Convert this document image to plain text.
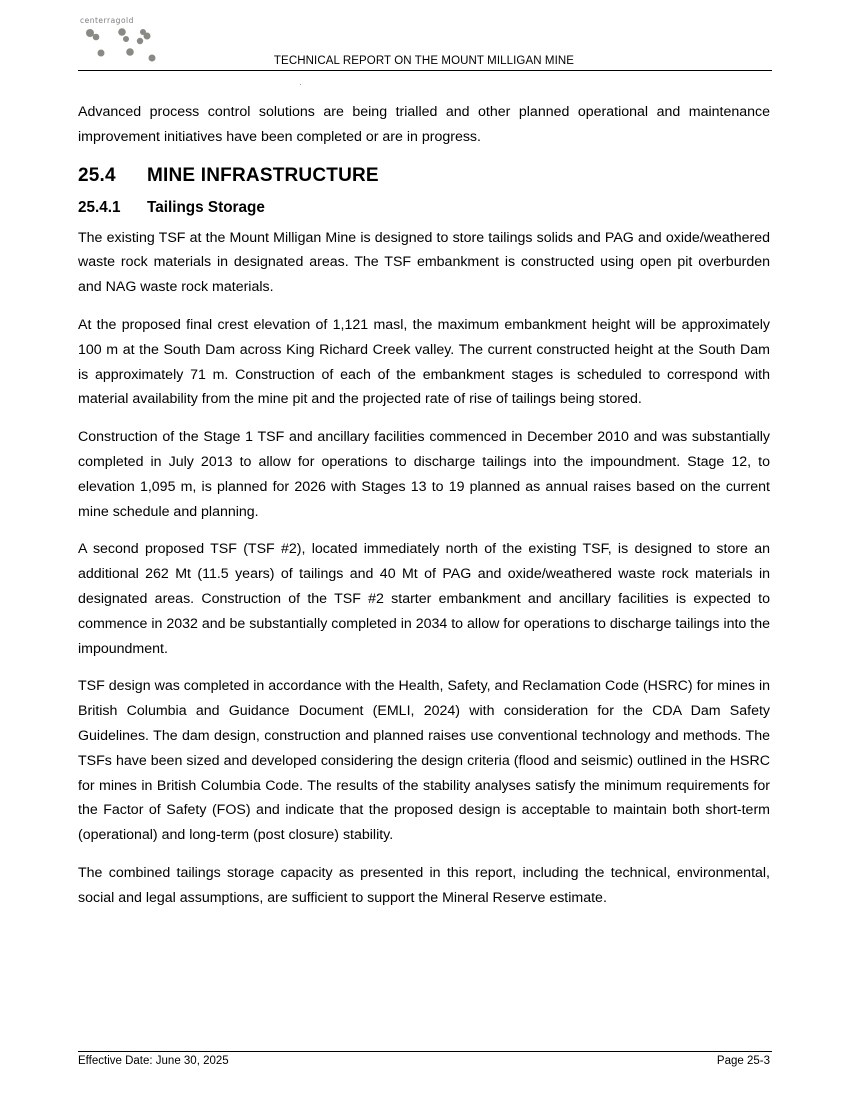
centerragold
TECHNICAL REPORT ON THE MOUNT MILLIGAN MINE

Advanced process control solutions are being trialled and other planned operational and maintenance improvement initiatives have been completed or are in progress.

25.4 MINE INFRASTRUCTURE
25.4.1 Tailings Storage

The existing TSF at the Mount Milligan Mine is designed to store tailings solids and PAG and oxide/weathered waste rock materials in designated areas. The TSF embankment is constructed using open pit overburden and NAG waste rock materials.

At the proposed final crest elevation of 1,121 masl, the maximum embankment height will be approximately 100 m at the South Dam across King Richard Creek valley. The current constructed height at the South Dam is approximately 71 m. Construction of each of the embankment stages is scheduled to correspond with material availability from the mine pit and the projected rate of rise of tailings being stored.

Construction of the Stage 1 TSF and ancillary facilities commenced in December 2010 and was substantially completed in July 2013 to allow for operations to discharge tailings into the impoundment. Stage 12, to elevation 1,095 m, is planned for 2026 with Stages 13 to 19 planned as annual raises based on the current mine schedule and planning.

A second proposed TSF (TSF #2), located immediately north of the existing TSF, is designed to store an additional 262 Mt (11.5 years) of tailings and 40 Mt of PAG and oxide/weathered waste rock materials in designated areas. Construction of the TSF #2 starter embankment and ancillary facilities is expected to commence in 2032 and be substantially completed in 2034 to allow for operations to discharge tailings into the impoundment.

TSF design was completed in accordance with the Health, Safety, and Reclamation Code (HSRC) for mines in British Columbia and Guidance Document (EMLI, 2024) with consideration for the CDA Dam Safety Guidelines. The dam design, construction and planned raises use conventional technology and methods. The TSFs have been sized and developed considering the design criteria (flood and seismic) outlined in the HSRC for mines in British Columbia Code. The results of the stability analyses satisfy the minimum requirements for the Factor of Safety (FOS) and indicate that the proposed design is acceptable to maintain both short-term (operational) and long-term (post closure) stability.

The combined tailings storage capacity as presented in this report, including the technical, environmental, social and legal assumptions, are sufficient to support the Mineral Reserve estimate.

Effective Date: June 30, 2025	Page 25-3
